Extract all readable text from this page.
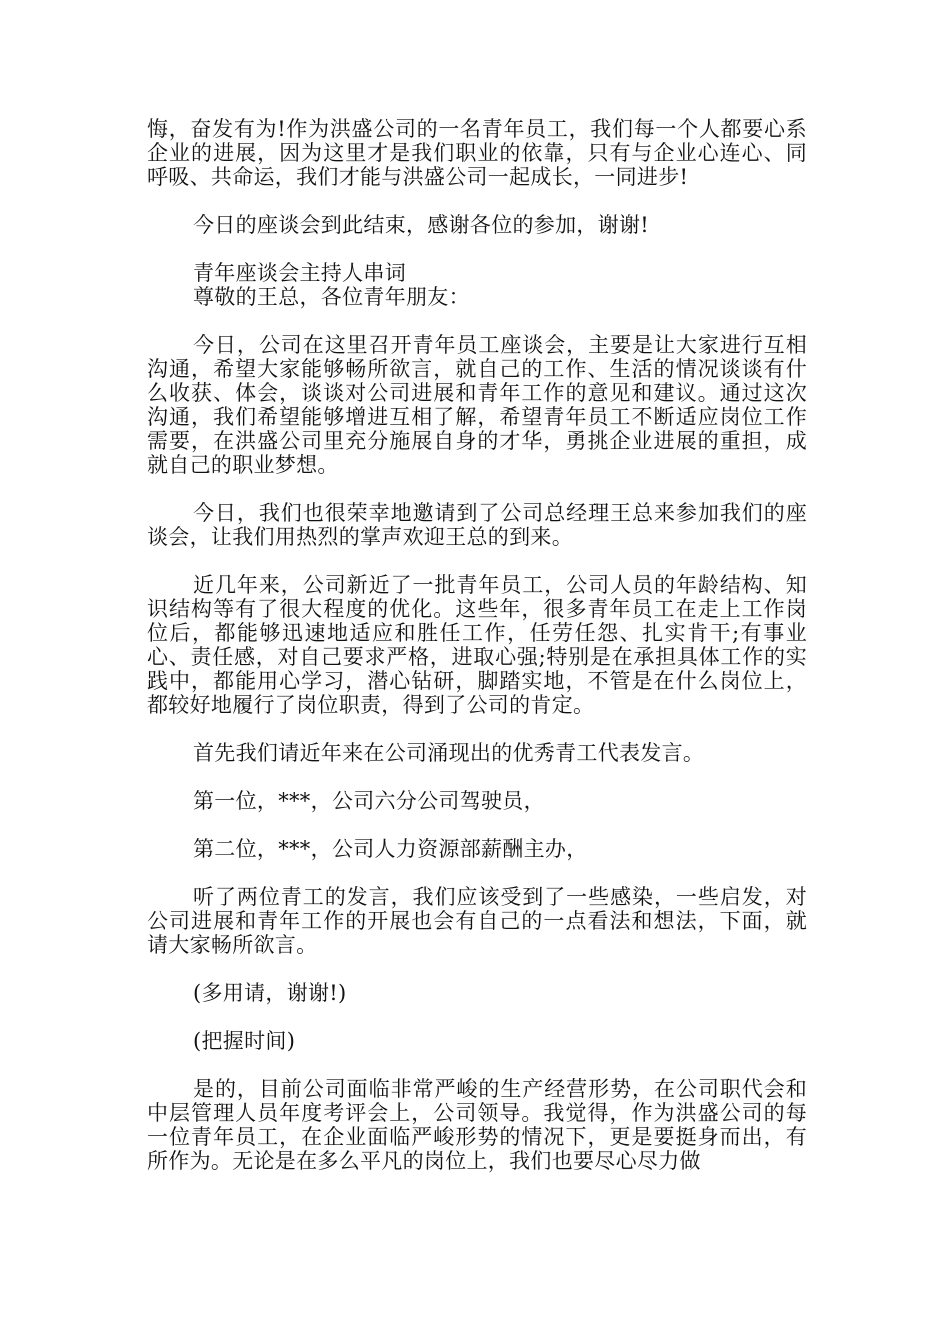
悔，奋发有为!作为洪盛公司的一名青年员工，我们每一个人都要心系企业的进展，因为这里才是我们职业的依靠，只有与企业心连心、同呼吸、共命运，我们才能与洪盛公司一起成长，一同进步!

今日的座谈会到此结束，感谢各位的参加，谢谢!

青年座谈会主持人串词

尊敬的王总，各位青年朋友：

今日，公司在这里召开青年员工座谈会，主要是让大家进行互相沟通，希望大家能够畅所欲言，就自己的工作、生活的情况谈谈有什么收获、体会，谈谈对公司进展和青年工作的意见和建议。通过这次沟通，我们希望能够增进互相了解，希望青年员工不断适应岗位工作需要，在洪盛公司里充分施展自身的才华，勇挑企业进展的重担，成就自己的职业梦想。

今日，我们也很荣幸地邀请到了公司总经理王总来参加我们的座谈会，让我们用热烈的掌声欢迎王总的到来。

近几年来，公司新近了一批青年员工，公司人员的年龄结构、知识结构等有了很大程度的优化。这些年，很多青年员工在走上工作岗位后，都能够迅速地适应和胜任工作，任劳任怨、扎实肯干;有事业心、责任感，对自己要求严格，进取心强;特别是在承担具体工作的实践中，都能用心学习，潜心钻研，脚踏实地，不管是在什么岗位上，都较好地履行了岗位职责，得到了公司的肯定。

首先我们请近年来在公司涌现出的优秀青工代表发言。

第一位，***，公司六分公司驾驶员，

第二位，***，公司人力资源部薪酬主办，

听了两位青工的发言，我们应该受到了一些感染，一些启发，对公司进展和青年工作的开展也会有自己的一点看法和想法，下面，就请大家畅所欲言。

(多用请，谢谢!)

(把握时间)

是的，目前公司面临非常严峻的生产经营形势，在公司职代会和中层管理人员年度考评会上，公司领导。我觉得，作为洪盛公司的每一位青年员工，在企业面临严峻形势的情况下，更是要挺身而出，有所作为。无论是在多么平凡的岗位上，我们也要尽心尽力做
